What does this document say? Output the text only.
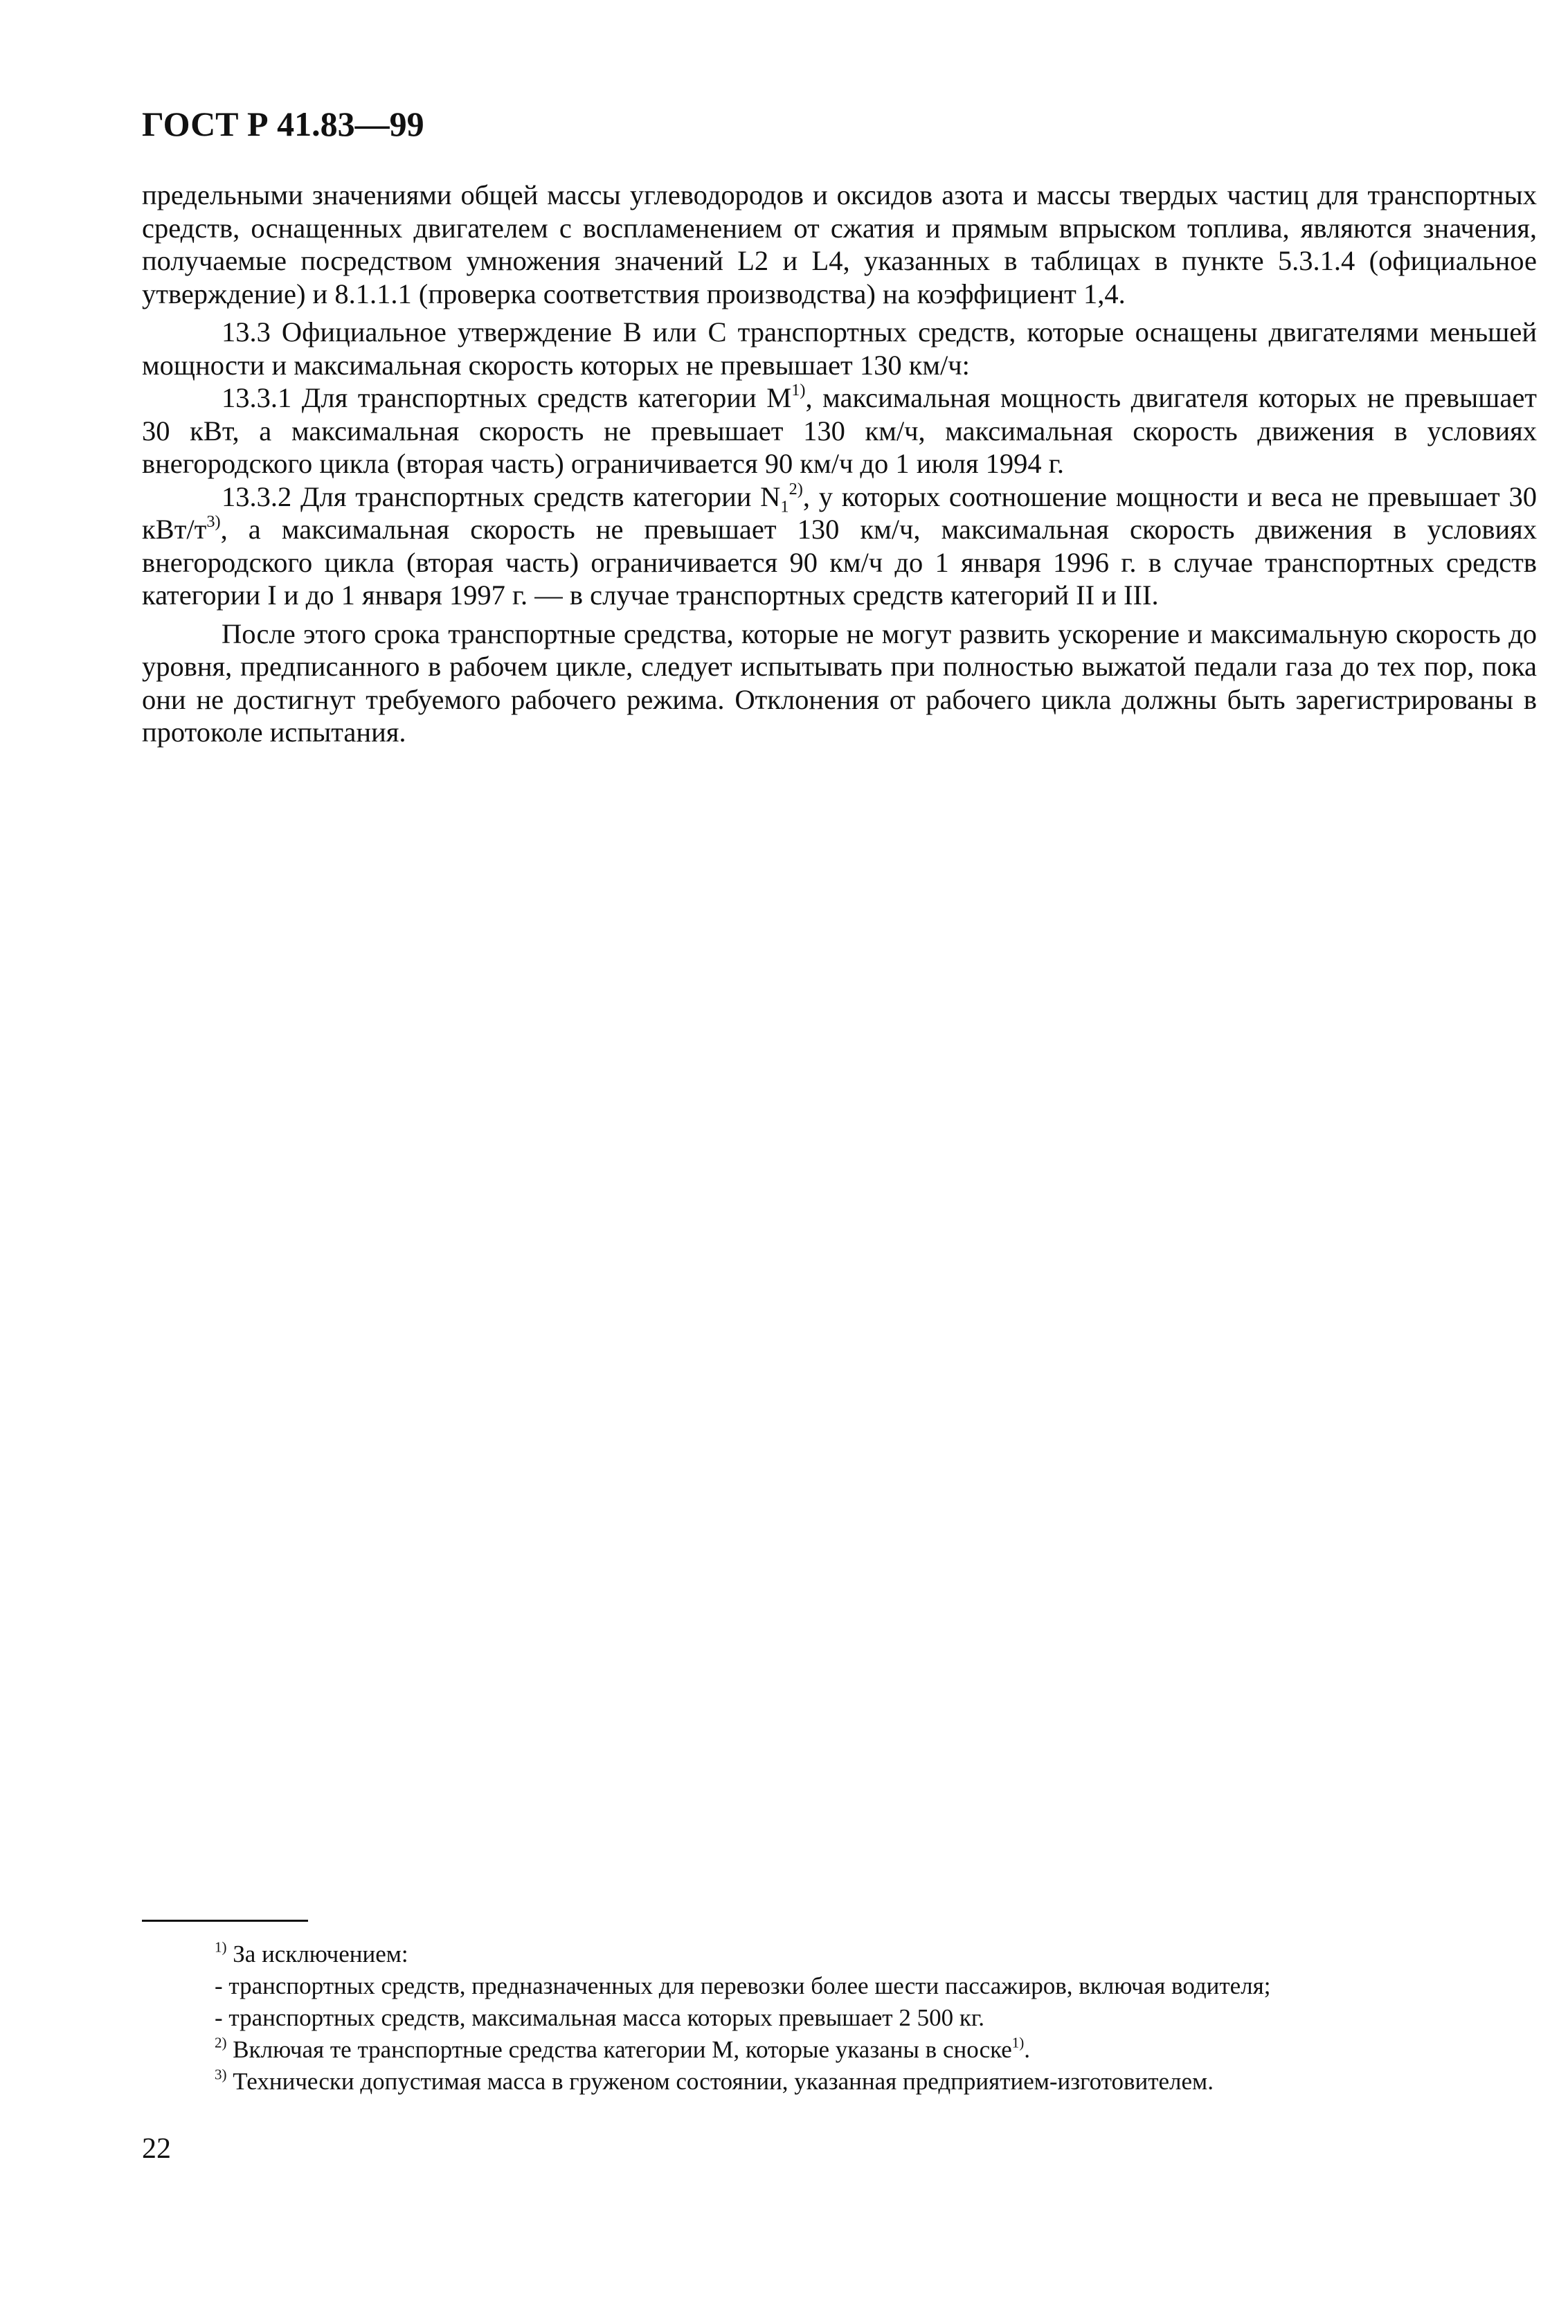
ГОСТ Р 41.83—99

предельными значениями общей массы углеводородов и оксидов азота и массы твердых частиц для транспортных средств, оснащенных двигателем с воспламенением от сжатия и прямым впрыском топлива, являются значения, получаемые посредством умножения значений L2 и L4, указанных в таблицах в пункте 5.3.1.4 (официальное утверждение) и 8.1.1.1 (проверка соответствия производства) на коэффициент 1,4.

13.3 Официальное утверждение B или C транспортных средств, которые оснащены двигателями меньшей мощности и максимальная скорость которых не превышает 130 км/ч:

13.3.1 Для транспортных средств категории $M^{1)}$, максимальная мощность двигателя которых не превышает 30 кВт, а максимальная скорость не превышает 130 км/ч, максимальная скорость движения в условиях внегородского цикла (вторая часть) ограничивается 90 км/ч до 1 июля 1994 г.

13.3.2 Для транспортных средств категории $N_1^{2)}$, у которых соотношение мощности и веса не превышает 30 кВт/$т^{3)}$, а максимальная скорость не превышает 130 км/ч, максимальная скорость движения в условиях внегородского цикла (вторая часть) ограничивается 90 км/ч до 1 января 1996 г. в случае транспортных средств категории I и до 1 января 1997 г. — в случае транспортных средств категорий II и III.

После этого срока транспортные средства, которые не могут развить ускорение и максимальную скорость до уровня, предписанного в рабочем цикле, следует испытывать при полностью выжатой педали газа до тех пор, пока они не достигнут требуемого рабочего режима. Отклонения от рабочего цикла должны быть зарегистрированы в протоколе испытания.

$^{1)}$ За исключением:
- транспортных средств, предназначенных для перевозки более шести пассажиров, включая водителя;
- транспортных средств, максимальная масса которых превышает 2 500 кг.
$^{2)}$ Включая те транспортные средства категории M, которые указаны в сноске$^{1)}$.
$^{3)}$ Технически допустимая масса в груженом состоянии, указанная предприятием-изготовителем.
22
